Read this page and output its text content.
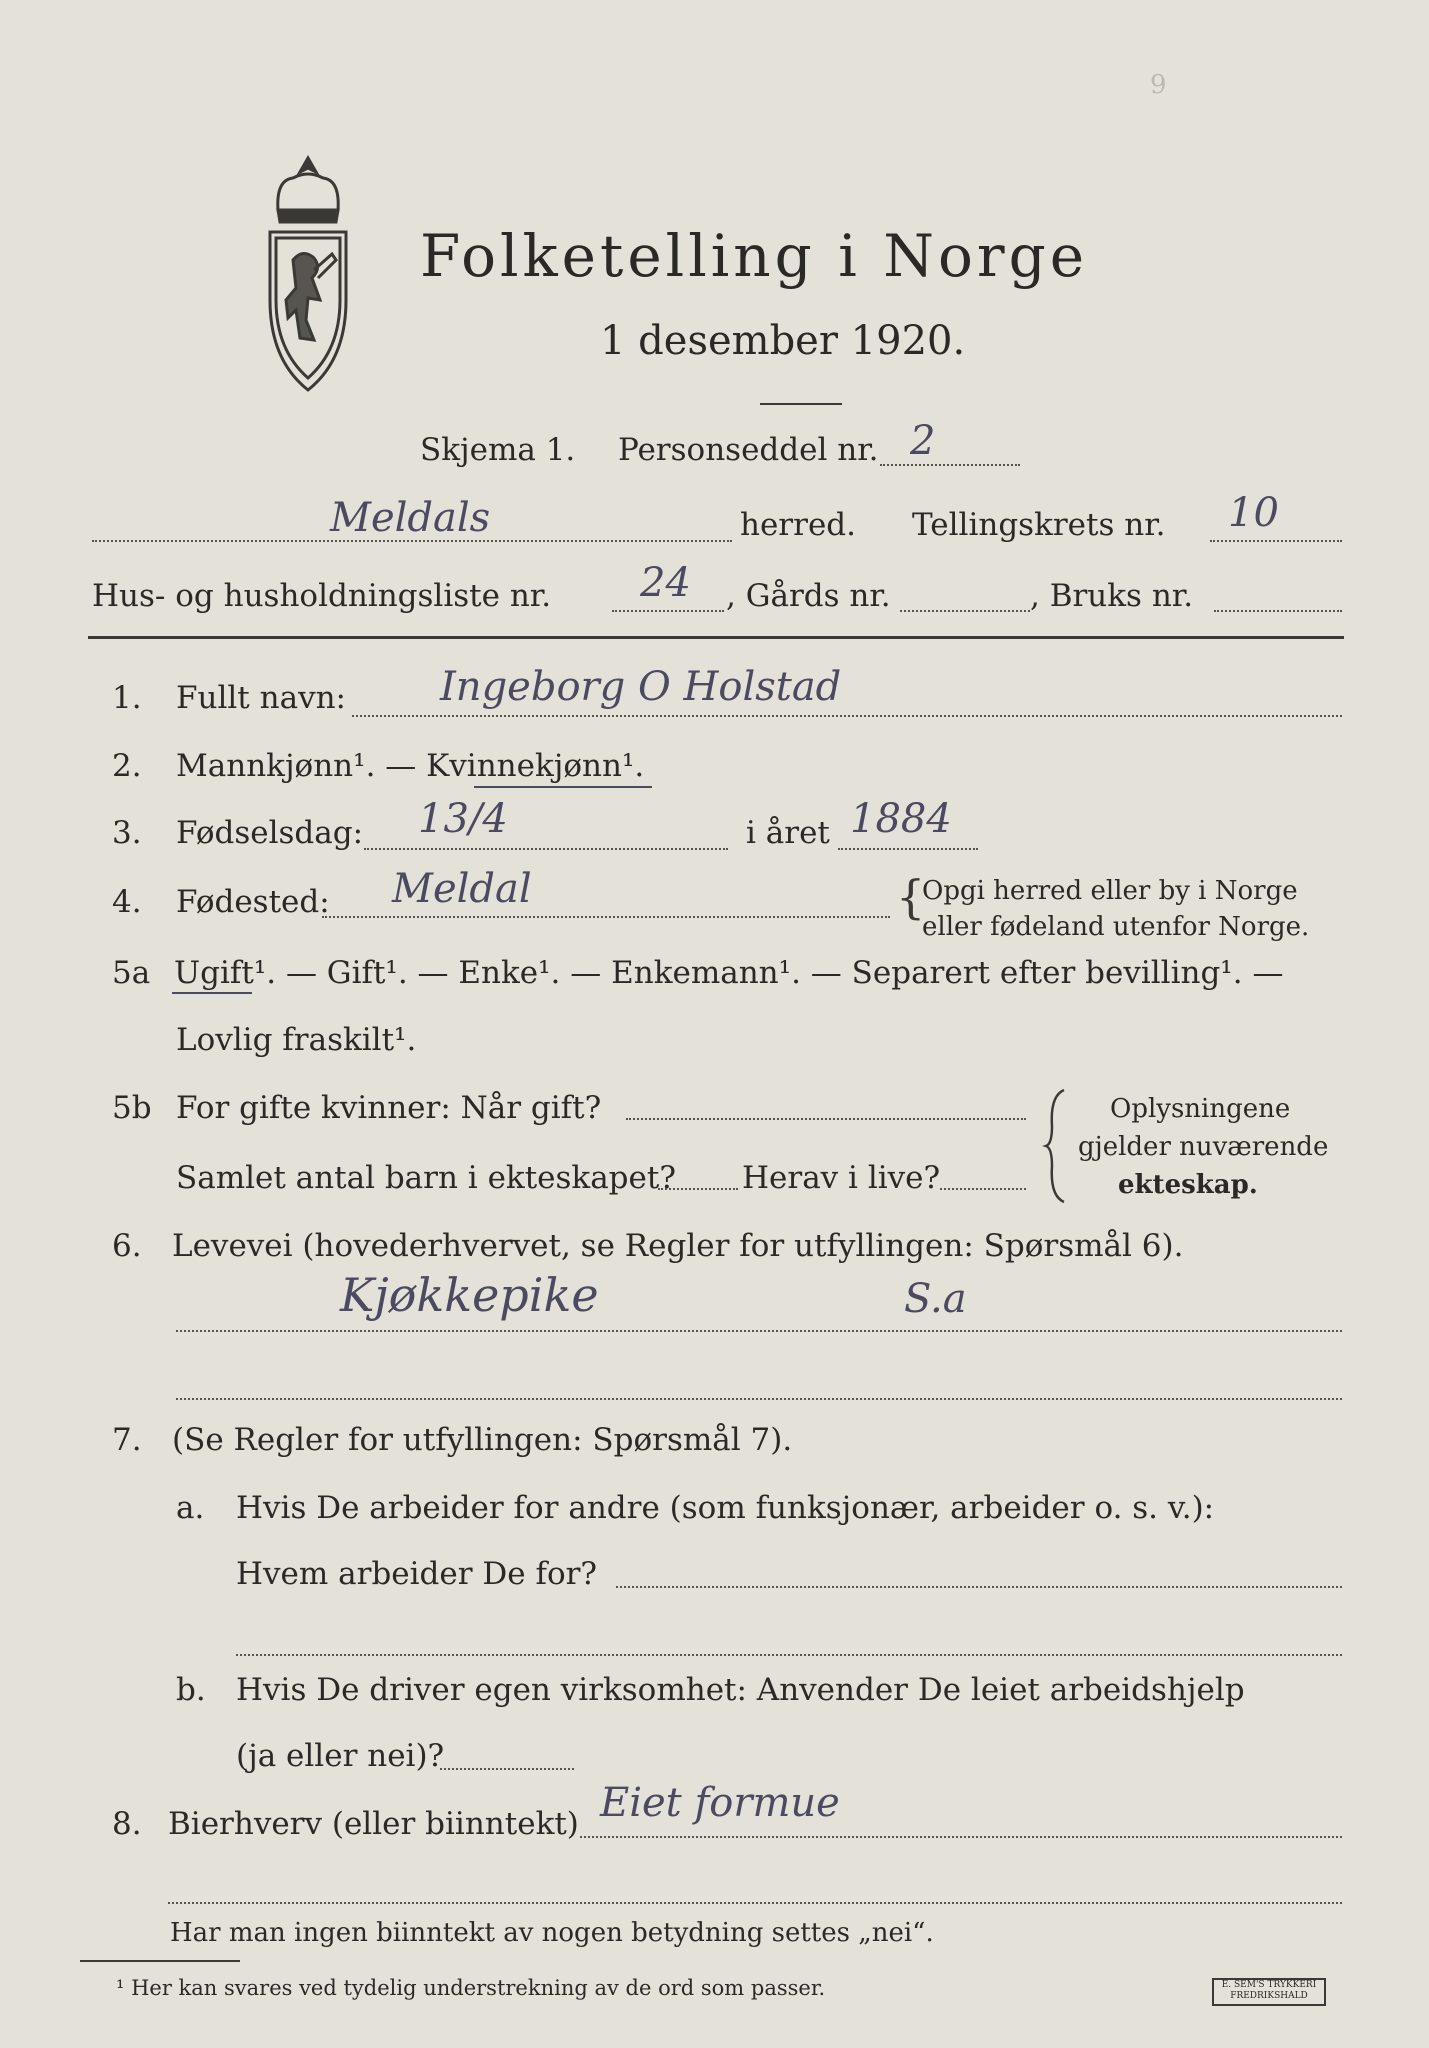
9
Folketelling i Norge
1 desember 1920.
Skjema 1. Personseddel nr. 2
Meldals	herred. Tellingskrets nr. 10
Hus- og husholdningsliste nr. 24 , Gårds nr.	, Bruks nr.
1. Fullt navn: Ingeborg O Holstad
2. Mannkjønn¹. — Kvinnekjønn¹.
3. Fødselsdag: 13/4	i året 1884
4. Fødested: Meldal	{
Opgi herred eller by i Norge
eller fødeland utenfor Norge.
5a Ugift¹. — Gift¹. — Enke¹. — Enkemann¹. — Separert efter bevilling¹. —
Lovlig fraskilt¹.
5b For gifte kvinner: Når gift?
Samlet antal barn i ekteskapet? Herav i live?
Oplysningene
gjelder nuværende
ekteskap.
6. Levevei (hovederhvervet, se Regler for utfyllingen: Spørsmål 6).
Kjøkkepike	S.a
7. (Se Regler for utfyllingen: Spørsmål 7).
a. Hvis De arbeider for andre (som funksjonær, arbeider o. s. v.):
Hvem arbeider De for?
b. Hvis De driver egen virksomhet: Anvender De leiet arbeidshjelp
(ja eller nei)?
8. Bierhverv (eller biinntekt) Eiet formue
Har man ingen biinntekt av nogen betydning settes „nei“.
¹ Her kan svares ved tydelig understrekning av de ord som passer.	E. SEM'S TRYKKERI FREDRIKSHALD
